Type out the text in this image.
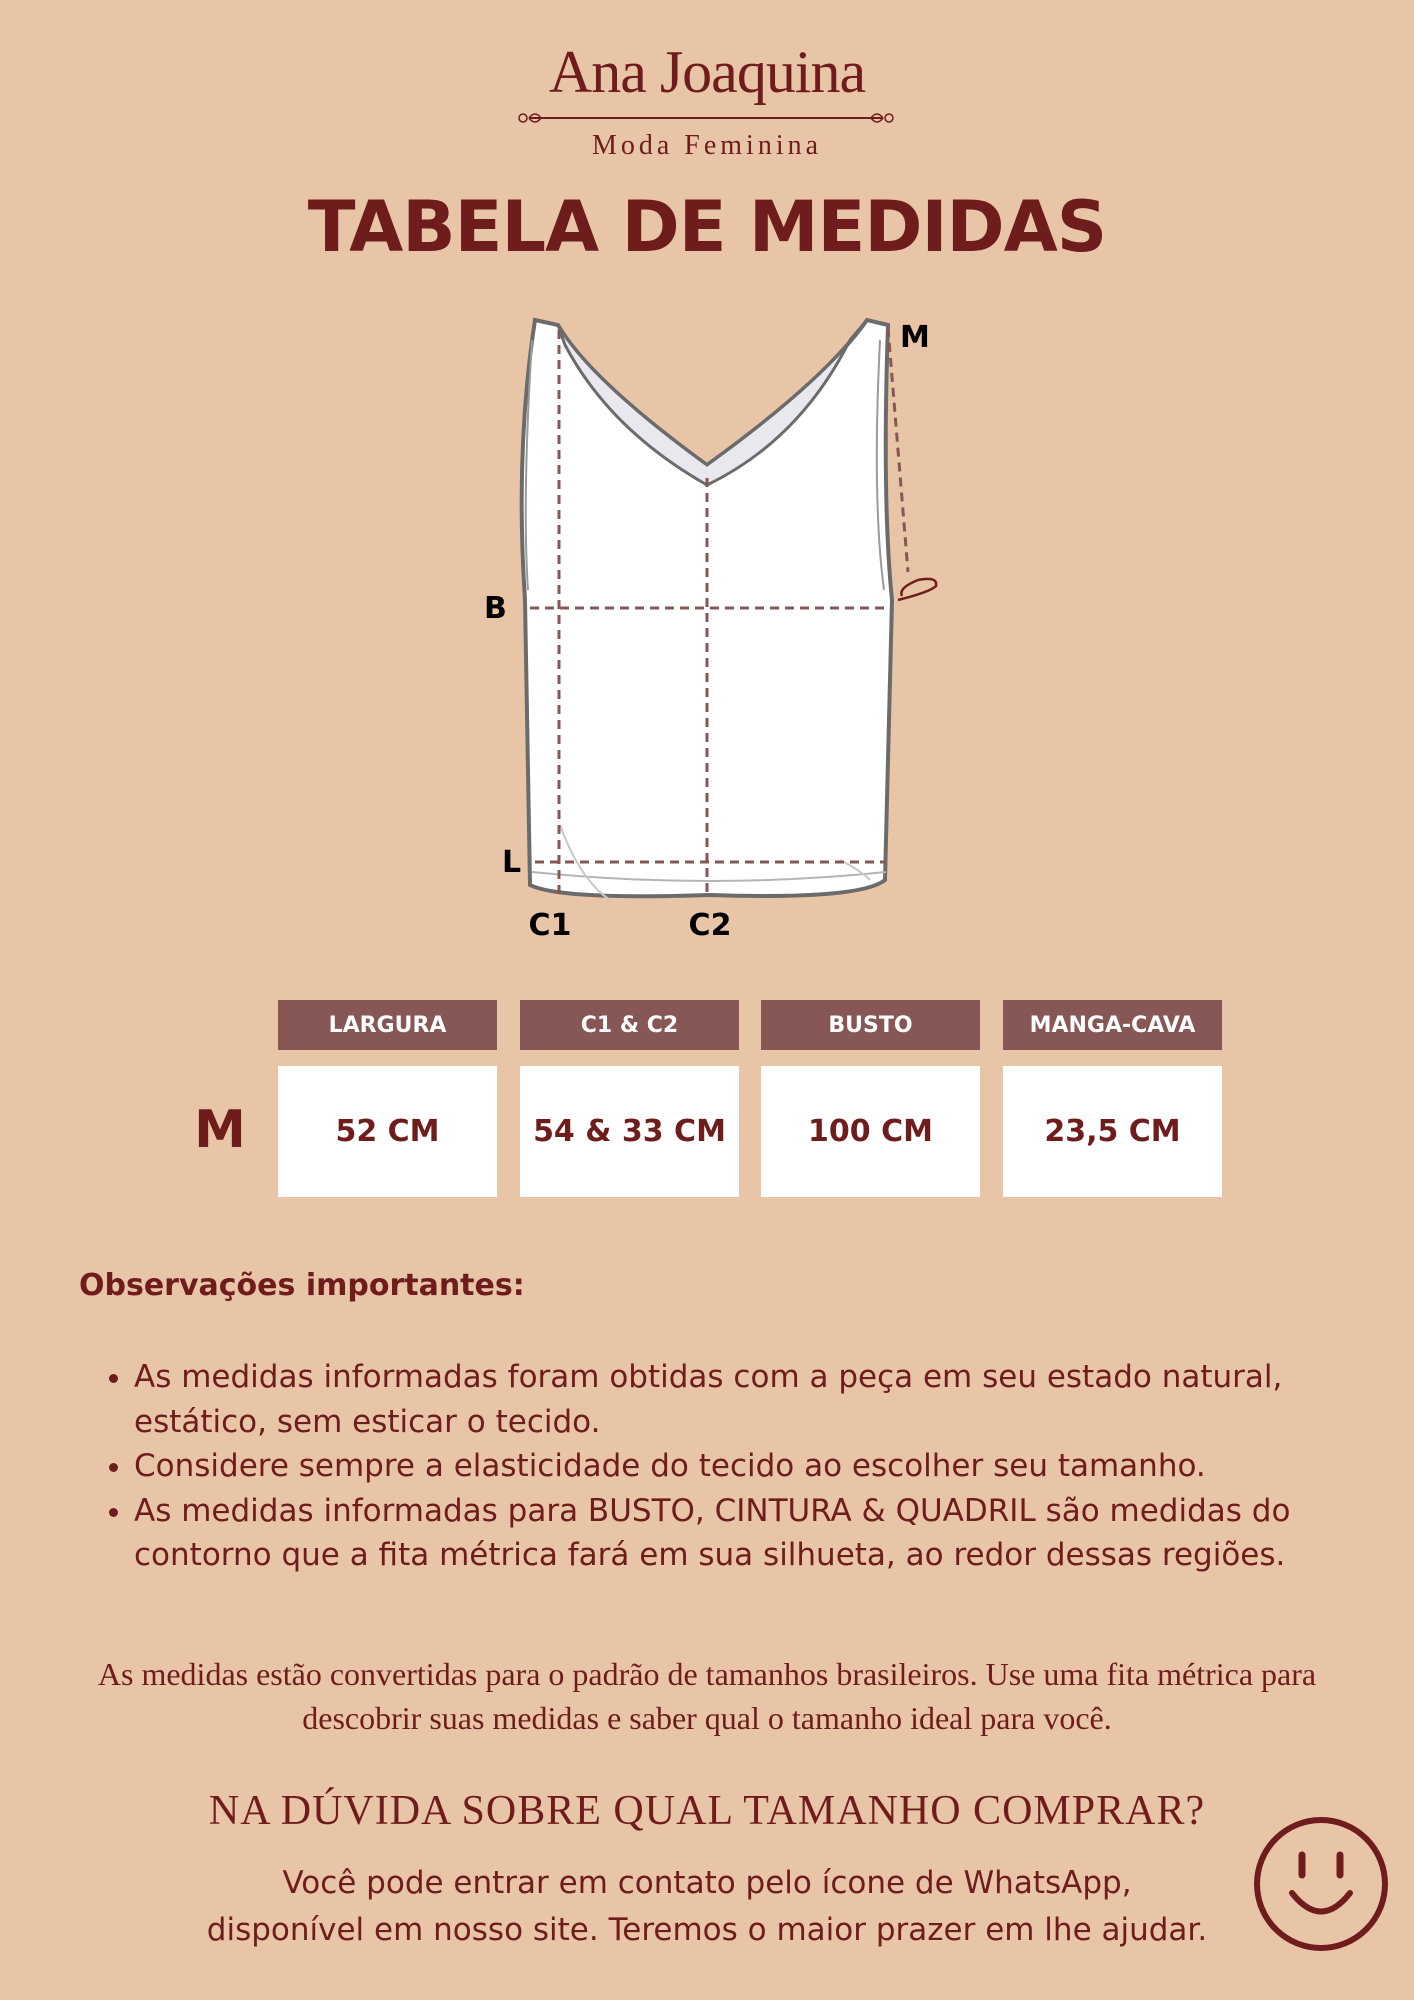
Ana Joaquina
Moda Feminina
TABELA DE MEDIDAS
M
B
L
C1	C2
M
LARGURA	C1 & C2	BUSTO	MANGA-CAVA
52 CM	54 & 33 CM	100 CM	23,5 CM
Observações importantes:
• As medidas informadas foram obtidas com a peça em seu estado natural, estático, sem esticar o tecido.
• Considere sempre a elasticidade do tecido ao escolher seu tamanho.
• As medidas informadas para BUSTO, CINTURA & QUADRIL são medidas do contorno que a fita métrica fará em sua silhueta, ao redor dessas regiões.
As medidas estão convertidas para o padrão de tamanhos brasileiros. Use uma fita métrica para
descobrir suas medidas e saber qual o tamanho ideal para você.
NA DÚVIDA SOBRE QUAL TAMANHO COMPRAR?
Você pode entrar em contato pelo ícone de WhatsApp,
disponível em nosso site. Teremos o maior prazer em lhe ajudar.
